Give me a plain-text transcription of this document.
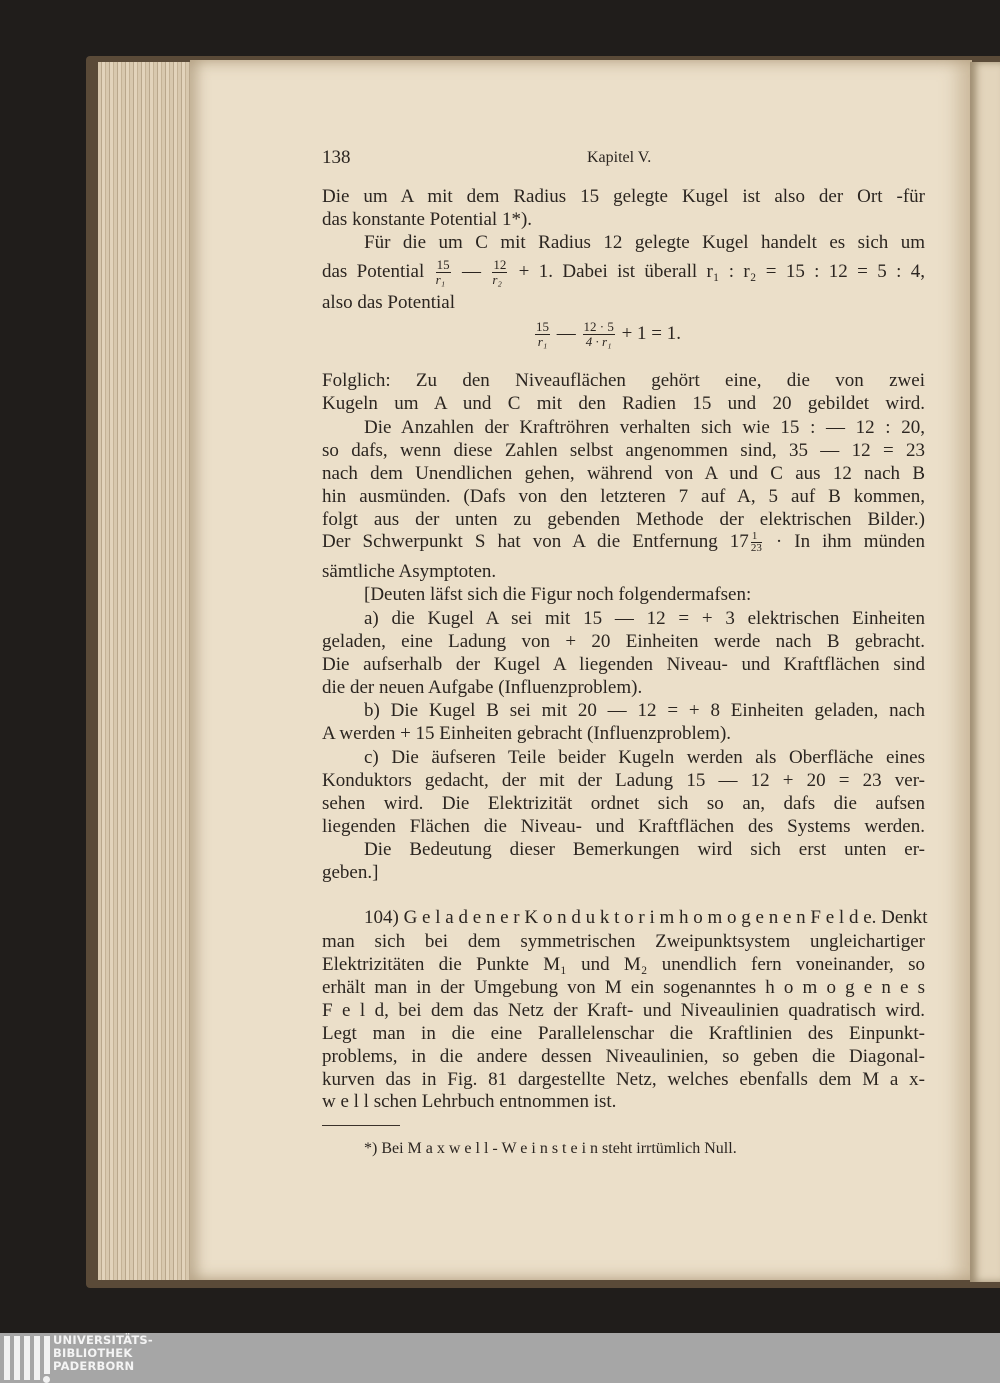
138	Kapitel V.
Die um A mit dem Radius 15 gelegte Kugel ist also der Ort -für
das konstante Potential 1*).
Für die um C mit Radius 12 gelegte Kugel handelt es sich um
also das Potential
Folglich: Zu den Niveauflächen gehört eine, die von zwei
Kugeln um A und C mit den Radien 15 und 20 gebildet wird.
Die Anzahlen der Kraftröhren verhalten sich wie 15 : — 12 : 20,
so dafs, wenn diese Zahlen selbst angenommen sind, 35 — 12 = 23
nach dem Unendlichen gehen, während von A und C aus 12 nach B
hin ausmünden. (Dafs von den letzteren 7 auf A, 5 auf B kommen,
folgt aus der unten zu gebenden Methode der elektrischen Bilder.)
sämtliche Asymptoten.
[Deuten läfst sich die Figur noch folgendermafsen:
a) die Kugel A sei mit 15 — 12 = + 3 elektrischen Einheiten
geladen, eine Ladung von + 20 Einheiten werde nach B gebracht.
Die aufserhalb der Kugel A liegenden Niveau- und Kraftflächen sind
die der neuen Aufgabe (Influenzproblem).
b) Die Kugel B sei mit 20 — 12 = + 8 Einheiten geladen, nach
A werden + 15 Einheiten gebracht (Influenzproblem).
c) Die äufseren Teile beider Kugeln werden als Oberfläche eines
Konduktors gedacht, der mit der Ladung 15 — 12 + 20 = 23 ver-
sehen wird. Die Elektrizität ordnet sich so an, dafs die aufsen
liegenden Flächen die Niveau- und Kraftflächen des Systems werden.
Die Bedeutung dieser Bemerkungen wird sich erst unten er-
geben.]
104) G e l a d e n e r K o n d u k t o r i m h o m o g e n e n F e l d e. Denkt
man sich bei dem symmetrischen Zweipunktsystem ungleichartiger
Elektrizitäten die Punkte M₁ und M₂ unendlich fern voneinander, so
erhält man in der Umgebung von M ein sogenanntes h o m o g e n e s
F e l d, bei dem das Netz der Kraft- und Niveaulinien quadratisch wird.
Legt man in die eine Parallelenschar die Kraftlinien des Einpunkt-
problems, in die andere dessen Niveaulinien, so geben die Diagonal-
kurven das in Fig. 81 dargestellte Netz, welches ebenfalls dem M a x-
w e l l schen Lehrbuch entnommen ist.
das Potential $\frac{15}{\text{r₁}}$ — $\frac{12}{\text{r₂}} + 1$. Dabei ist überall r₁ : r₂ = 15 : 12 = 5 : 4,
$\frac{15}{\text{r₁}}$ — $\frac{12 \cdot 5}{\text{4 · r₁}} + 1 = 1$.
Der Schwerpunkt S hat von A die Entfernung $17 \frac{1}{23} \cdot In$ ihm münden
*) Bei M a x w e l l - W e i n s t e i n steht irrtümlich Null.
UNIVERSITÄTS-
BIBLIOTHEK
PADERBORN
